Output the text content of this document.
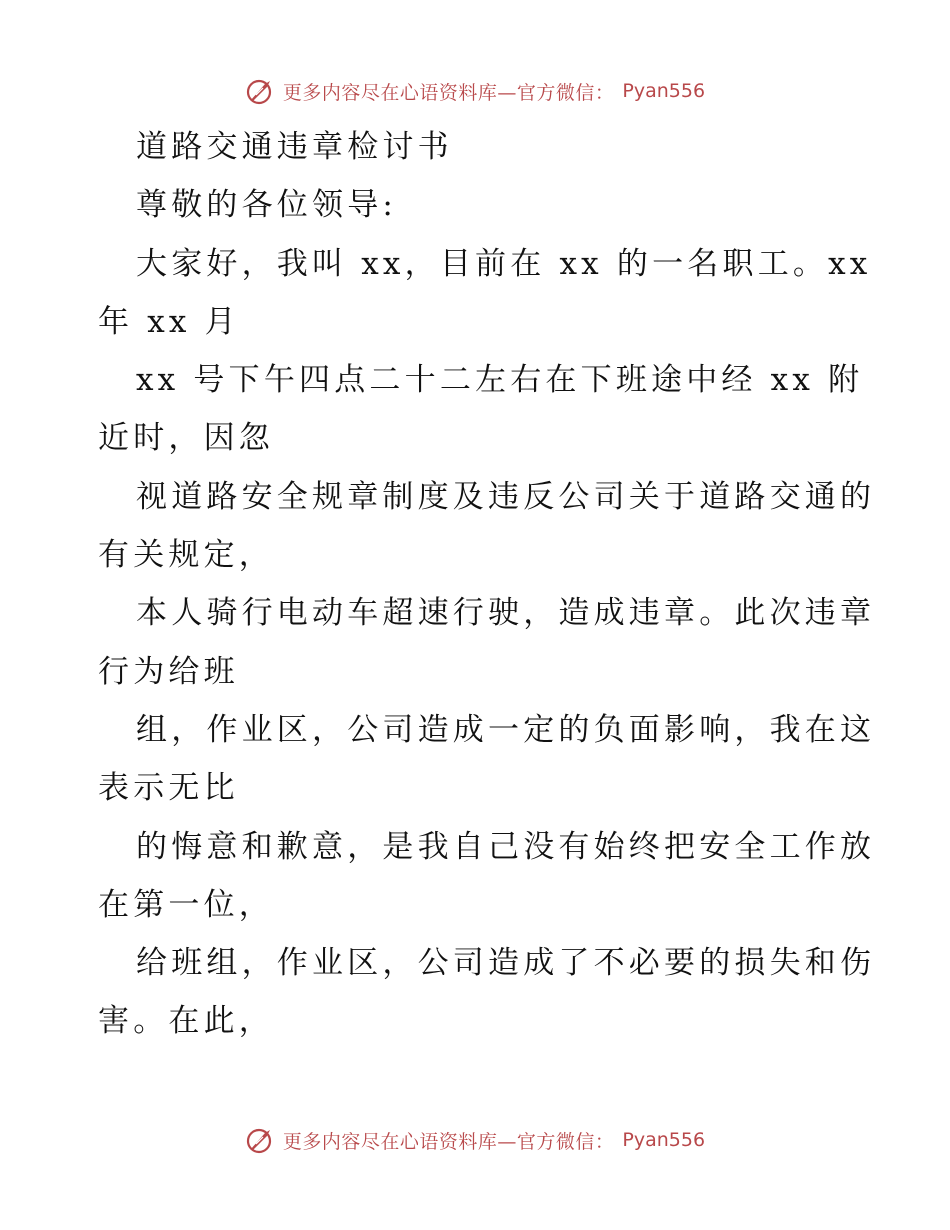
更多内容尽在心语资料库—官方微信： Pyan556
道路交通违章检讨书
尊敬的各位领导:
大家好，我叫 xx，目前在 xx 的一名职工。xx
年 xx 月
xx 号下午四点二十二左右在下班途中经 xx 附
近时，因忽
视道路安全规章制度及违反公司关于道路交通的
有关规定，
本人骑行电动车超速行驶，造成违章。此次违章
行为给班
组，作业区，公司造成一定的负面影响，我在这
表示无比
的悔意和歉意，是我自己没有始终把安全工作放
在第一位，
给班组，作业区，公司造成了不必要的损失和伤
害。在此，
更多内容尽在心语资料库—官方微信： Pyan556
